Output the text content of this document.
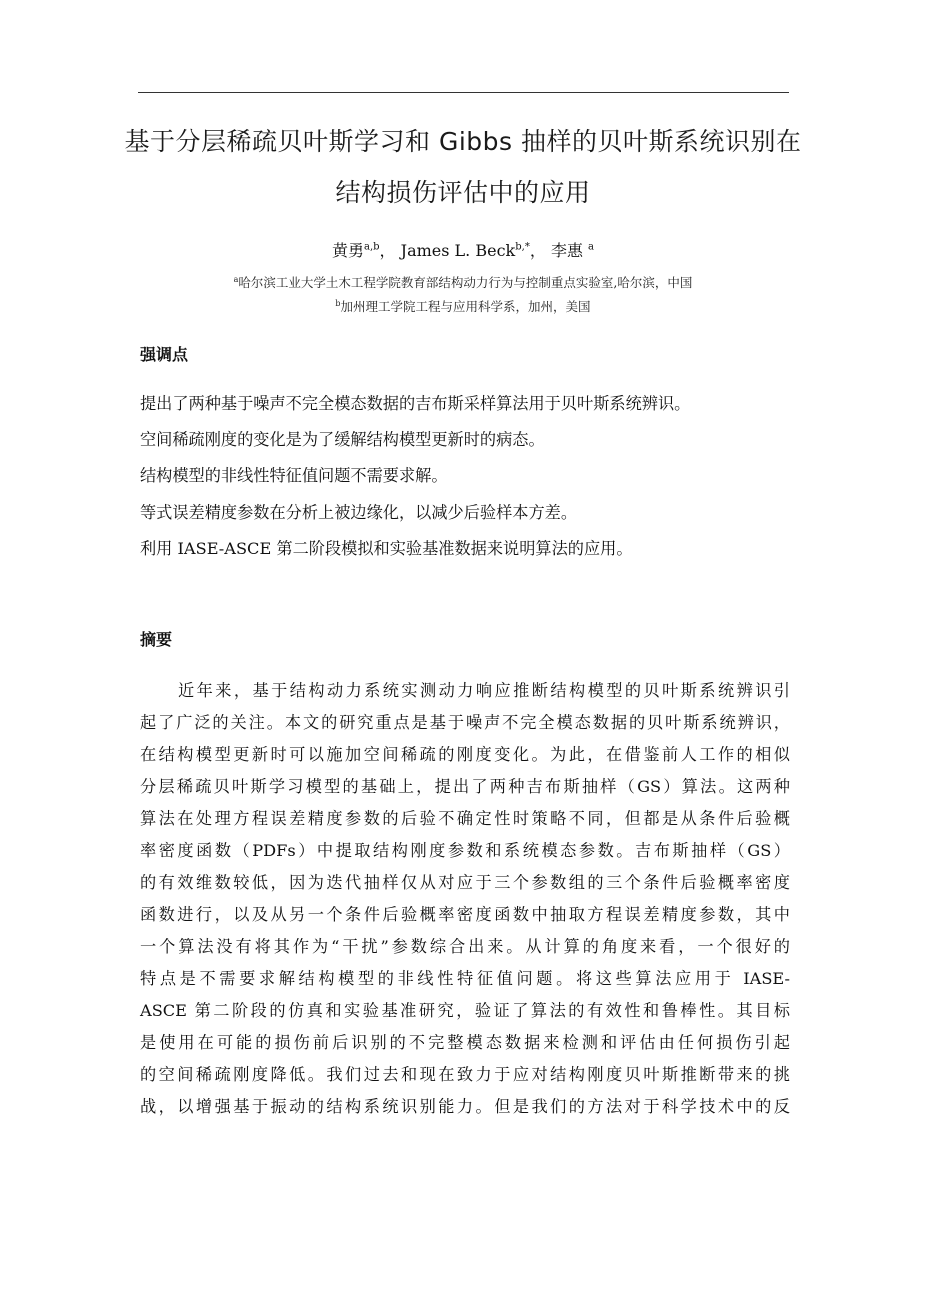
基于分层稀疏贝叶斯学习和 Gibbs 抽样的贝叶斯系统识别在
结构损伤评估中的应用
黄勇$^{a,b}$， James L. Beck$^{b,*}$， 李惠 $^a$
$^a$哈尔滨工业大学土木工程学院教育部结构动力行为与控制重点实验室,哈尔滨，中国
$^b$加州理工学院工程与应用科学系，加州，美国
强调点
提出了两种基于噪声不完全模态数据的吉布斯采样算法用于贝叶斯系统辨识。
空间稀疏刚度的变化是为了缓解结构模型更新时的病态。
结构模型的非线性特征值问题不需要求解。
等式误差精度参数在分析上被边缘化，以减少后验样本方差。
利用 IASE-ASCE 第二阶段模拟和实验基准数据来说明算法的应用。
摘要

近年来，基于结构动力系统实测动力响应推断结构模型的贝叶斯系统辨识引
起了广泛的关注。本文的研究重点是基于噪声不完全模态数据的贝叶斯系统辨识，
在结构模型更新时可以施加空间稀疏的刚度变化。为此，在借鉴前人工作的相似
分层稀疏贝叶斯学习模型的基础上，提出了两种吉布斯抽样（GS）算法。这两种
算法在处理方程误差精度参数的后验不确定性时策略不同，但都是从条件后验概
率密度函数（PDFs）中提取结构刚度参数和系统模态参数。吉布斯抽样（GS）
的有效维数较低，因为迭代抽样仅从对应于三个参数组的三个条件后验概率密度
函数进行，以及从另一个条件后验概率密度函数中抽取方程误差精度参数，其中
一个算法没有将其作为“干扰”参数综合出来。从计算的角度来看，一个很好的
特点是不需要求解结构模型的非线性特征值问题。将这些算法应用于 IASE-
ASCE 第二阶段的仿真和实验基准研究，验证了算法的有效性和鲁棒性。其目标
是使用在可能的损伤前后识别的不完整模态数据来检测和评估由任何损伤引起
的空间稀疏刚度降低。我们过去和现在致力于应对结构刚度贝叶斯推断带来的挑
战，以增强基于振动的结构系统识别能力。但是我们的方法对于科学技术中的反
